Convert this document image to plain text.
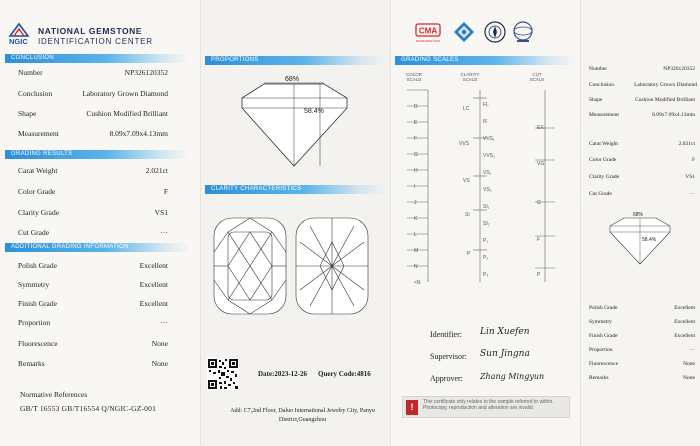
NGIC
NATIONAL GEMSTONE
IDENTIFICATION CENTER
CMA
2024510052 2024
CONCLUSION
GRADING RESULTS
ADDITIONAL GRADING INFORMATION
Number	NP326120352
Conclusion	Laboratory Grown Diamond
Shape	Cushion Modified Brilliant
Measurement	8.09x7.09x4.13mm
Carat Weight	2.021ct
Color Grade	F
Clarity Grade	VS1
Cut Grade	···
Polish Grade	Excellent
Symmetry	Excellent
Finish Grade	Excellent
Proportion	···
Fluorescence	None
Remarks	None
Normative References
GB/T 16553 GB/T16554 Q/NGIC-GZ-001
PROPORTIONS
CLARITY CHARACTERISTICS
68%
58.4%
Date:2023-12-26 Query Code:4816
Add: C7,2nd Floor, Daluo International Jewelry City, Panyu District,Guangzhou
GRADING SCALES
COLOR SCALE
CLARITY SCALE
CUT SCALE
D
E
F
G
H
I
J
K
L
M
N
<N
LC
VVS
VS
SI
P
FL
IF
VVS₁
VVS₂
VS₁
VS₂
SI₁
SI₂
P₁
P₂
P₃
EX
VG
G
F
P
Identifier: Lin Xuefen
Supervisor: Sun Jingna
Approver: Zhang Mingyun
!	This certificate only relates to the sample referred to within. Photocopy, reproduction and alteration are invalid.
Number	NP326120352
Conclusion	Laboratory Grown Diamond
Shape	Cushion Modified Brilliant
Measurement	8.09x7.09x4.13mm
Carat Weight	2.021ct
Color Grade	F
Clarity Grade	VS1
Cut Grade	···
68%
58.4%
Polish Grade	Excellent
Symmetry	Excellent
Finish Grade	Excellent
Proportion	···
Fluorescence	None
Remarks	None
